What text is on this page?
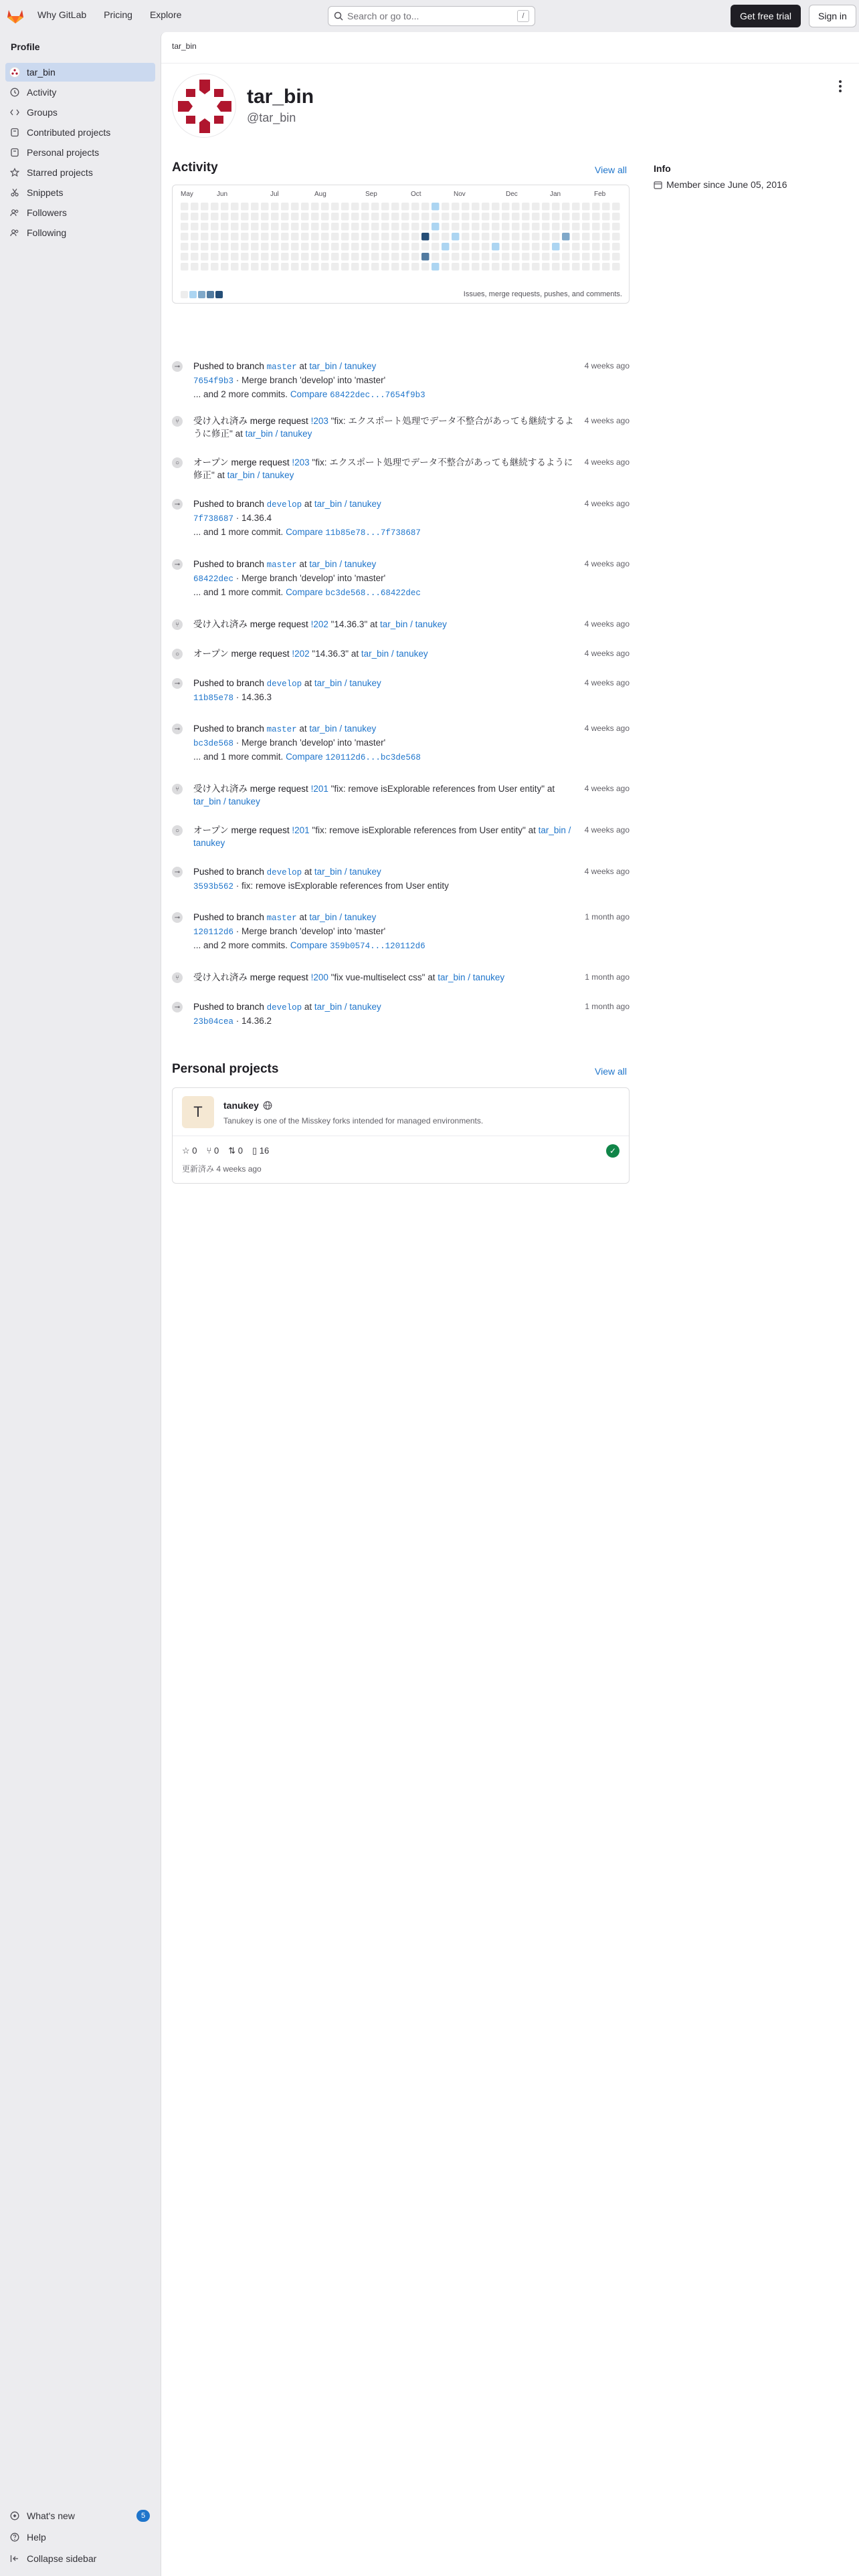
Why GitLab Pricing Explore	Search or go to...	/	Get free trial	Sign in
Profile
tar_bin
Activity
Groups
Contributed projects
Personal projects
Starred projects
Snippets
Followers
Following
What's new	5
Help
Collapse sidebar
tar_bin
tar_bin
@tar_bin
Activity	View all
May	Jun	Jul	Aug	Sep	Oct	Nov	Dec	Jan	Feb
Issues, merge requests, pushes, and comments.
Info
Member since June 05, 2016
⊸	4 weeks ago
Pushed to branch master at tar_bin / tanukey
7654f9b3 · Merge branch 'develop' into 'master'
... and 2 more commits. Compare 68422dec...7654f9b3
⑂	4 weeks ago
受け入れ済み merge request !203 "fix: エクスポート処理でデータ不整合があっても継続するように修正" at tar_bin / tanukey
○	4 weeks ago
オープン merge request !203 "fix: エクスポート処理でデータ不整合があっても継続するように修正" at tar_bin / tanukey
⊸	4 weeks ago
Pushed to branch develop at tar_bin / tanukey
7f738687 · 14.36.4
... and 1 more commit. Compare 11b85e78...7f738687
⊸	4 weeks ago
Pushed to branch master at tar_bin / tanukey
68422dec · Merge branch 'develop' into 'master'
... and 1 more commit. Compare bc3de568...68422dec
⑂	4 weeks ago
受け入れ済み merge request !202 "14.36.3" at tar_bin / tanukey
○	4 weeks ago
オープン merge request !202 "14.36.3" at tar_bin / tanukey
⊸	4 weeks ago
Pushed to branch develop at tar_bin / tanukey
11b85e78 · 14.36.3
⊸	4 weeks ago
Pushed to branch master at tar_bin / tanukey
bc3de568 · Merge branch 'develop' into 'master'
... and 1 more commit. Compare 120112d6...bc3de568
⑂	4 weeks ago
受け入れ済み merge request !201 "fix: remove isExplorable references from User entity" at tar_bin / tanukey
○	4 weeks ago
オープン merge request !201 "fix: remove isExplorable references from User entity" at tar_bin / tanukey
⊸	4 weeks ago
Pushed to branch develop at tar_bin / tanukey
3593b562 · fix: remove isExplorable references from User entity
⊸	1 month ago
Pushed to branch master at tar_bin / tanukey
120112d6 · Merge branch 'develop' into 'master'
... and 2 more commits. Compare 359b0574...120112d6
⑂	1 month ago
受け入れ済み merge request !200 "fix vue-multiselect css" at tar_bin / tanukey
⊸	1 month ago
Pushed to branch develop at tar_bin / tanukey
23b04cea · 14.36.2
Personal projects	View all
T	tanukey
Tanukey is one of the Misskey forks intended for managed environments.
☆ 0 ⑂ 0 ⇅ 0 ▯ 16
更新済み 4 weeks ago
✓
